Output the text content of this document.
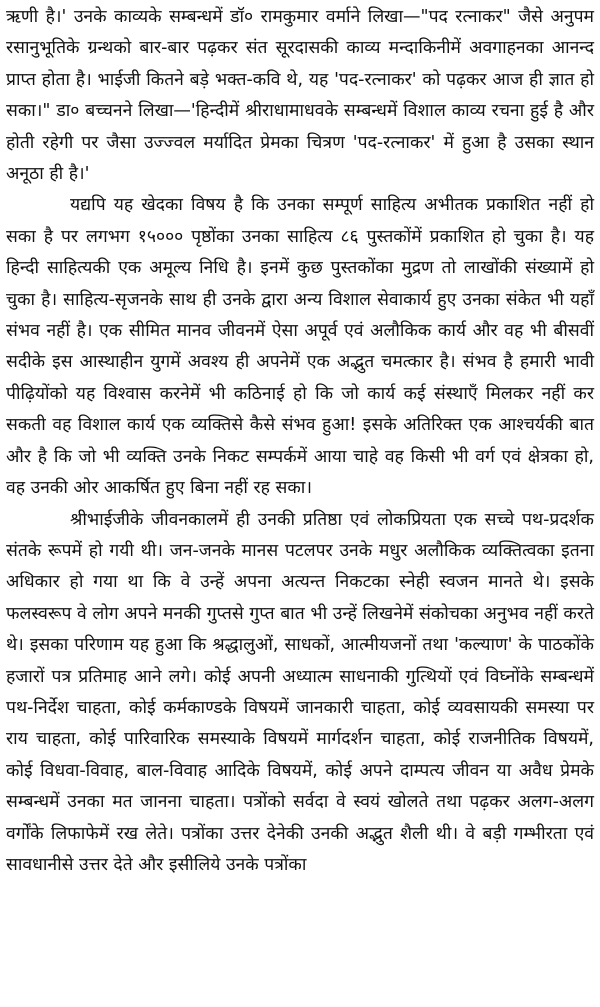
ऋणी है।' उनके काव्यके सम्बन्धमें डॉ० रामकुमार वर्माने लिखा—"पद रत्नाकर" जैसे अनुपम रसानुभूतिके ग्रन्थको बार-बार पढ़कर संत सूरदासकी काव्य मन्दाकिनीमें अवगाहनका आनन्द प्राप्त होता है। भाईजी कितने बड़े भक्त-कवि थे, यह 'पद-रत्नाकर' को पढ़कर आज ही ज्ञात हो सका।" डा० बच्चनने लिखा—'हिन्दीमें श्रीराधामाधवके सम्बन्धमें विशाल काव्य रचना हुई है और होती रहेगी पर जैसा उज्ज्वल मर्यादित प्रेमका चित्रण 'पद-रत्नाकर' में हुआ है उसका स्थान अनूठा ही है।'

यद्यपि यह खेदका विषय है कि उनका सम्पूर्ण साहित्य अभीतक प्रकाशित नहीं हो सका है पर लगभग १५००० पृष्ठोंका उनका साहित्य ८६ पुस्तकोंमें प्रकाशित हो चुका है। यह हिन्दी साहित्यकी एक अमूल्य निधि है। इनमें कुछ पुस्तकोंका मुद्रण तो लाखोंकी संख्यामें हो चुका है। साहित्य-सृजनके साथ ही उनके द्वारा अन्य विशाल सेवाकार्य हुए उनका संकेत भी यहाँ संभव नहीं है। एक सीमित मानव जीवनमें ऐसा अपूर्व एवं अलौकिक कार्य और वह भी बीसवीं सदीके इस आस्थाहीन युगमें अवश्य ही अपनेमें एक अद्भुत चमत्कार है। संभव है हमारी भावी पीढ़ियोंको यह विश्वास करनेमें भी कठिनाई हो कि जो कार्य कई संस्थाएँ मिलकर नहीं कर सकती वह विशाल कार्य एक व्यक्तिसे कैसे संभव हुआ! इसके अतिरिक्त एक आश्चर्यकी बात और है कि जो भी व्यक्ति उनके निकट सम्पर्कमें आया चाहे वह किसी भी वर्ग एवं क्षेत्रका हो, वह उनकी ओर आकर्षित हुए बिना नहीं रह सका।

श्रीभाईजीके जीवनकालमें ही उनकी प्रतिष्ठा एवं लोकप्रियता एक सच्चे पथ-प्रदर्शक संतके रूपमें हो गयी थी। जन-जनके मानस पटलपर उनके मधुर अलौकिक व्यक्तित्वका इतना अधिकार हो गया था कि वे उन्हें अपना अत्यन्त निकटका स्नेही स्वजन मानते थे। इसके फलस्वरूप वे लोग अपने मनकी गुप्तसे गुप्त बात भी उन्हें लिखनेमें संकोचका अनुभव नहीं करते थे। इसका परिणाम यह हुआ कि श्रद्धालुओं, साधकों, आत्मीयजनों तथा 'कल्याण' के पाठकोंके हजारों पत्र प्रतिमाह आने लगे। कोई अपनी अध्यात्म साधनाकी गुत्थियों एवं विघ्नोंके सम्बन्धमें पथ-निर्देश चाहता, कोई कर्मकाण्डके विषयमें जानकारी चाहता, कोई व्यवसायकी समस्या पर राय चाहता, कोई पारिवारिक समस्याके विषयमें मार्गदर्शन चाहता, कोई राजनीतिक विषयमें, कोई विधवा-विवाह, बाल-विवाह आदिके विषयमें, कोई अपने दाम्पत्य जीवन या अवैध प्रेमके सम्बन्धमें उनका मत जानना चाहता। पत्रोंको सर्वदा वे स्वयं खोलते तथा पढ़कर अलग-अलग वर्गोंके लिफाफेमें रख लेते। पत्रोंका उत्तर देनेकी उनकी अद्भुत शैली थी। वे बड़ी गम्भीरता एवं सावधानीसे उत्तर देते और इसीलिये उनके पत्रोंका
